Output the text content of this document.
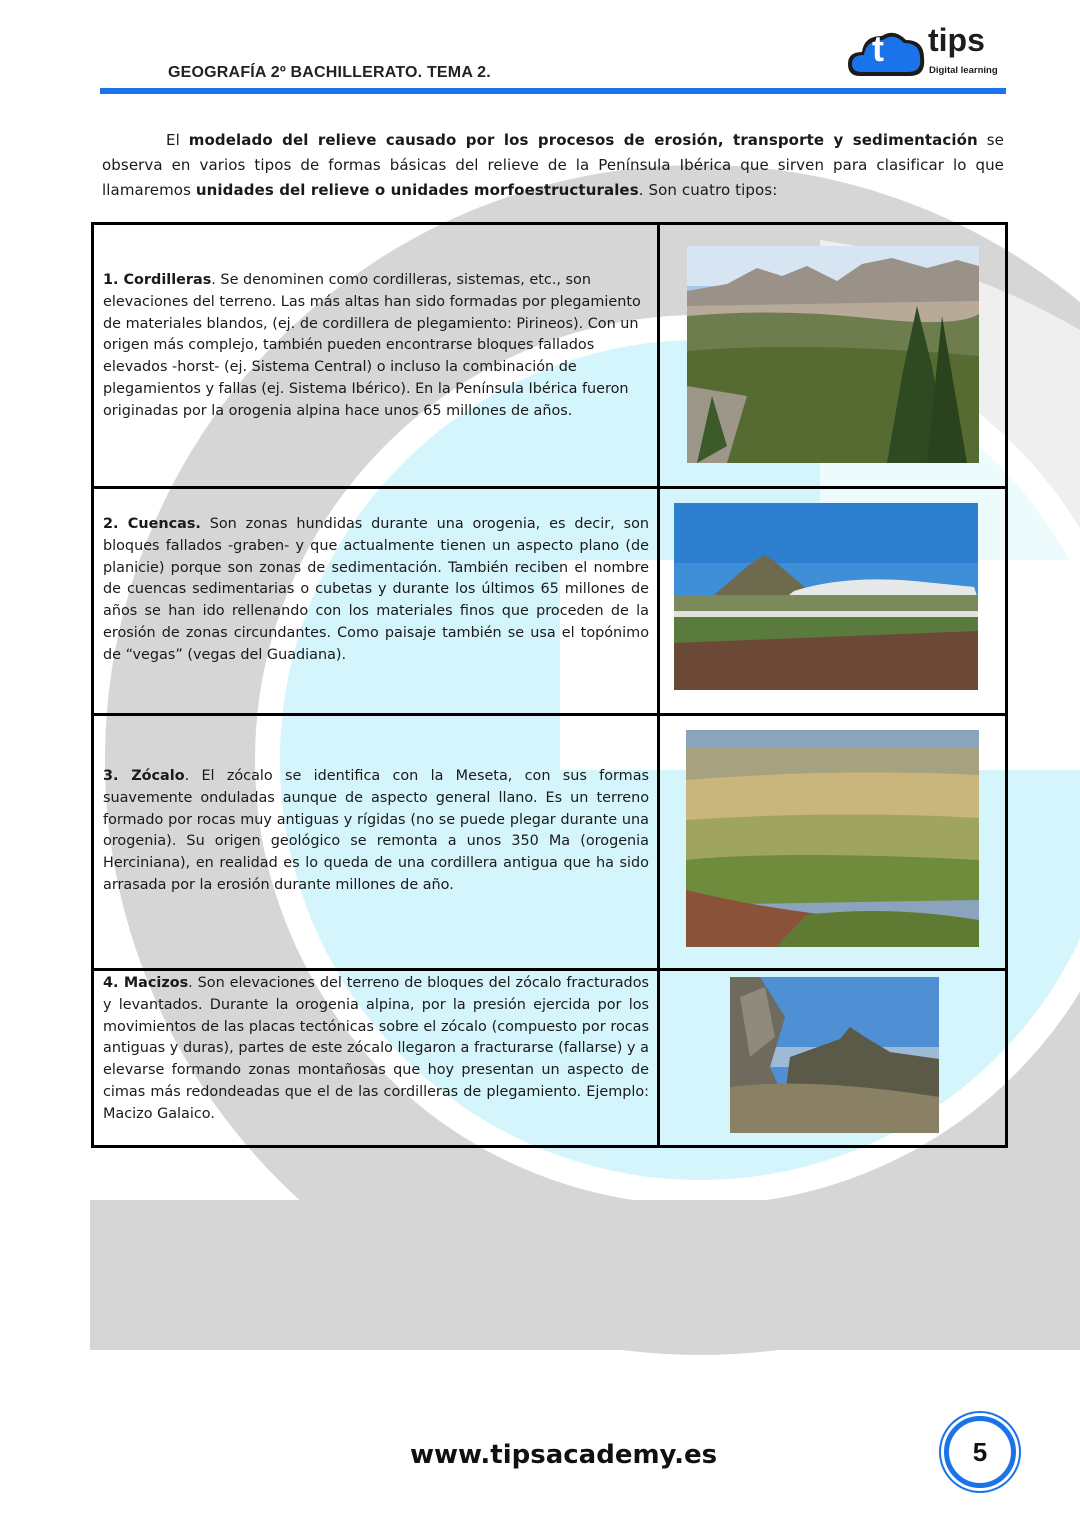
GEOGRAFÍA 2º BACHILLERATO. TEMA 2.
t tips
Digital learning
El modelado del relieve causado por los procesos de erosión, transporte y sedimentación se observa en varios tipos de formas básicas del relieve de la Península Ibérica que sirven para clasificar lo que llamaremos unidades del relieve o unidades morfoestructurales. Son cuatro tipos:
1. Cordilleras. Se denominen como cordilleras, sistemas, etc., son elevaciones del terreno. Las más altas han sido formadas por plegamiento de materiales blandos, (ej. de cordillera de plegamiento: Pirineos). Con un origen más complejo, también pueden encontrarse bloques fallados elevados -horst- (ej. Sistema Central) o incluso la combinación de plegamientos y fallas (ej. Sistema Ibérico). En la Península Ibérica fueron originadas por la orogenia alpina hace unos 65 millones de años.
2. Cuencas. Son zonas hundidas durante una orogenia, es decir, son bloques fallados -graben- y que actualmente tienen un aspecto plano (de planicie) porque son zonas de sedimentación. También reciben el nombre de cuencas sedimentarias o cubetas y durante los últimos 65 millones de años se han ido rellenando con los materiales finos que proceden de la erosión de zonas circundantes. Como paisaje también se usa el topónimo de “vegas” (vegas del Guadiana).
3. Zócalo. El zócalo se identifica con la Meseta, con sus formas suavemente onduladas aunque de aspecto general llano. Es un terreno formado por rocas muy antiguas y rígidas (no se puede plegar durante una orogenia). Su origen geológico se remonta a unos 350 Ma (orogenia Herciniana), en realidad es lo queda de una cordillera antigua que ha sido arrasada por la erosión durante millones de año.
4. Macizos. Son elevaciones del terreno de bloques del zócalo fracturados y levantados. Durante la orogenia alpina, por la presión ejercida por los movimientos de las placas tectónicas sobre el zócalo (compuesto por rocas antiguas y duras), partes de este zócalo llegaron a fracturarse (fallarse) y a elevarse formando zonas montañosas que hoy presentan un aspecto de cimas más redondeadas que el de las cordilleras de plegamiento. Ejemplo: Macizo Galaico.
www.tipsacademy.es	5
